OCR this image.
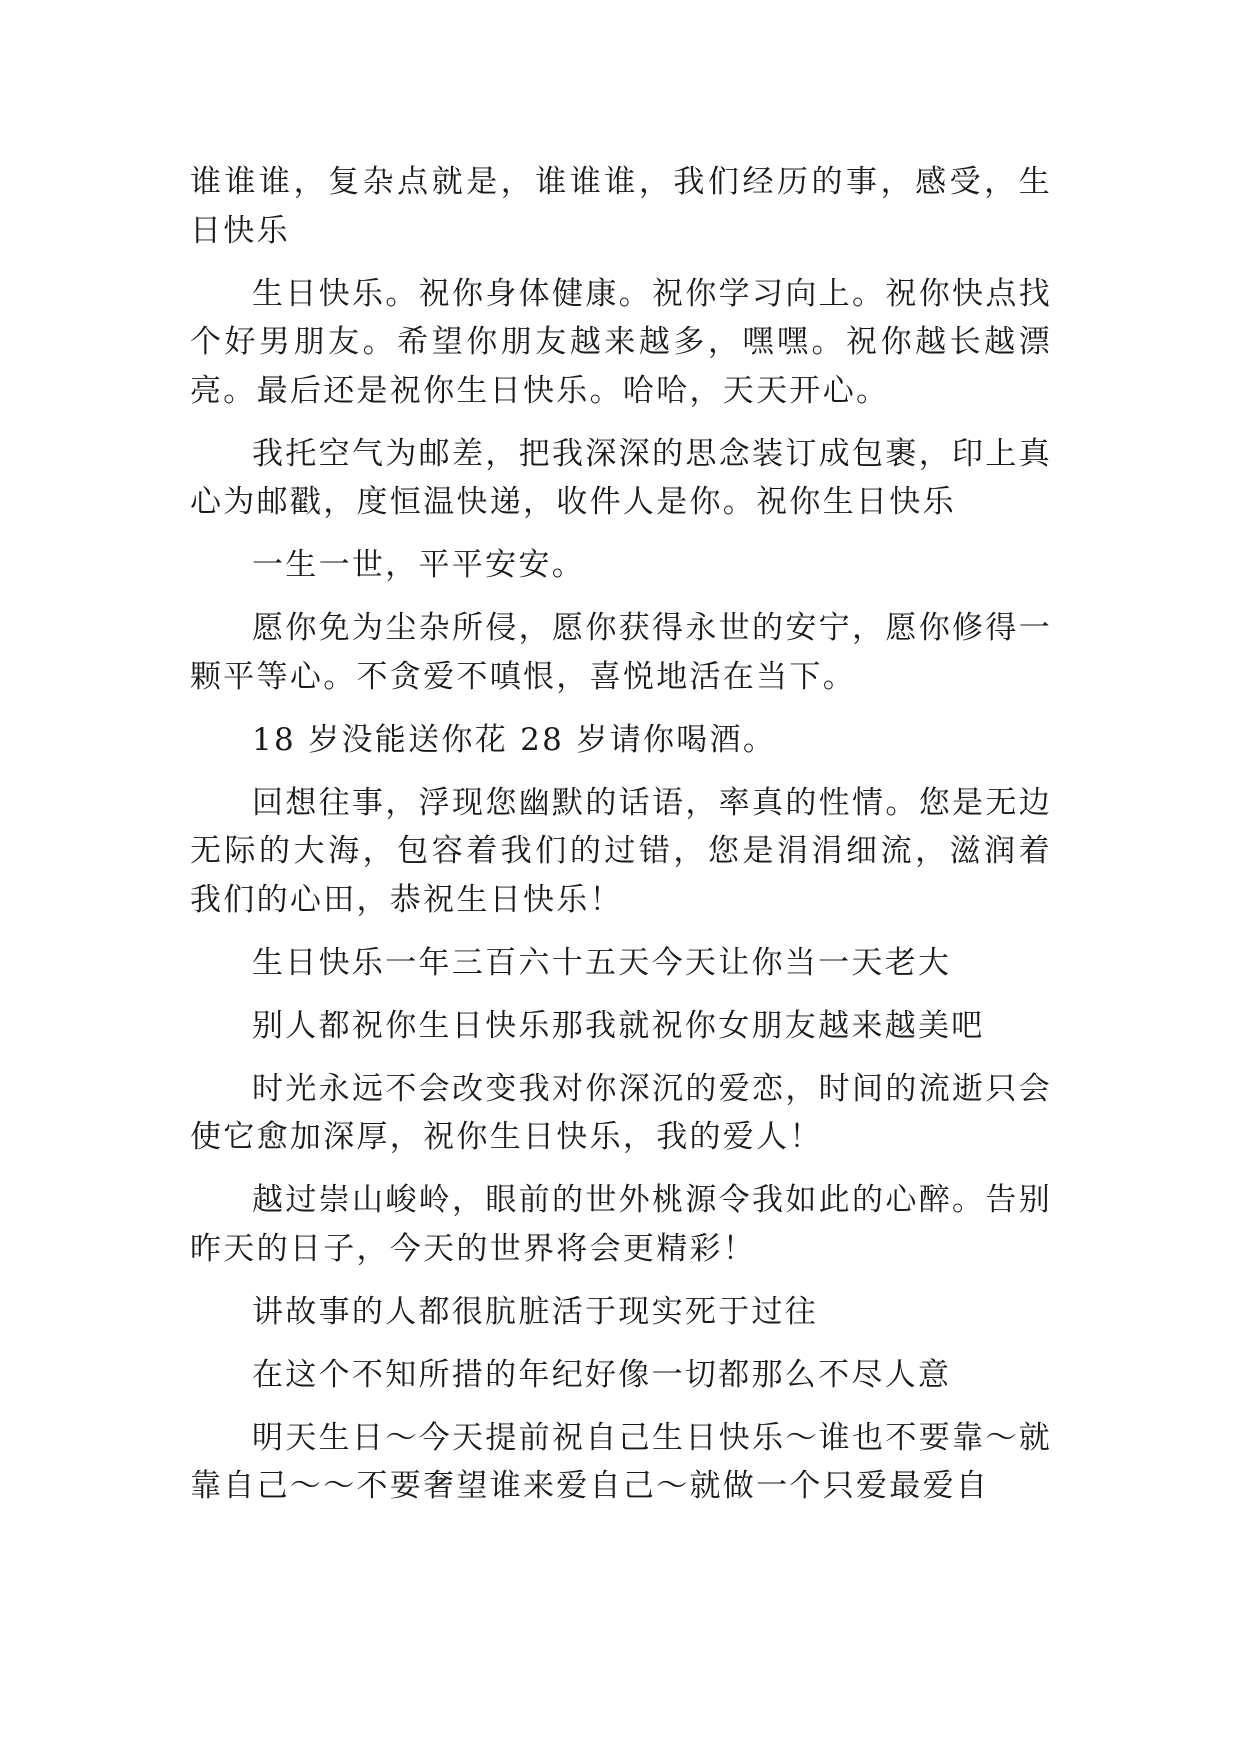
谁谁谁，复杂点就是，谁谁谁，我们经历的事，感受，生日快乐

生日快乐。祝你身体健康。祝你学习向上。祝你快点找个好男朋友。希望你朋友越来越多，嘿嘿。祝你越长越漂亮。最后还是祝你生日快乐。哈哈，天天开心。

我托空气为邮差，把我深深的思念装订成包裹，印上真心为邮戳，度恒温快递，收件人是你。祝你生日快乐

一生一世，平平安安。

愿你免为尘杂所侵，愿你获得永世的安宁，愿你修得一颗平等心。不贪爱不嗔恨，喜悦地活在当下。

18 岁没能送你花 28 岁请你喝酒。

回想往事，浮现您幽默的话语，率真的性情。您是无边无际的大海，包容着我们的过错，您是涓涓细流，滋润着我们的心田，恭祝生日快乐！

生日快乐一年三百六十五天今天让你当一天老大

别人都祝你生日快乐那我就祝你女朋友越来越美吧

时光永远不会改变我对你深沉的爱恋，时间的流逝只会使它愈加深厚，祝你生日快乐，我的爱人！

越过崇山峻岭，眼前的世外桃源令我如此的心醉。告别昨天的日子，今天的世界将会更精彩！

讲故事的人都很肮脏活于现实死于过往

在这个不知所措的年纪好像一切都那么不尽人意

明天生日～今天提前祝自己生日快乐～谁也不要靠～就靠自己～～不要奢望谁来爱自己～就做一个只爱最爱自
